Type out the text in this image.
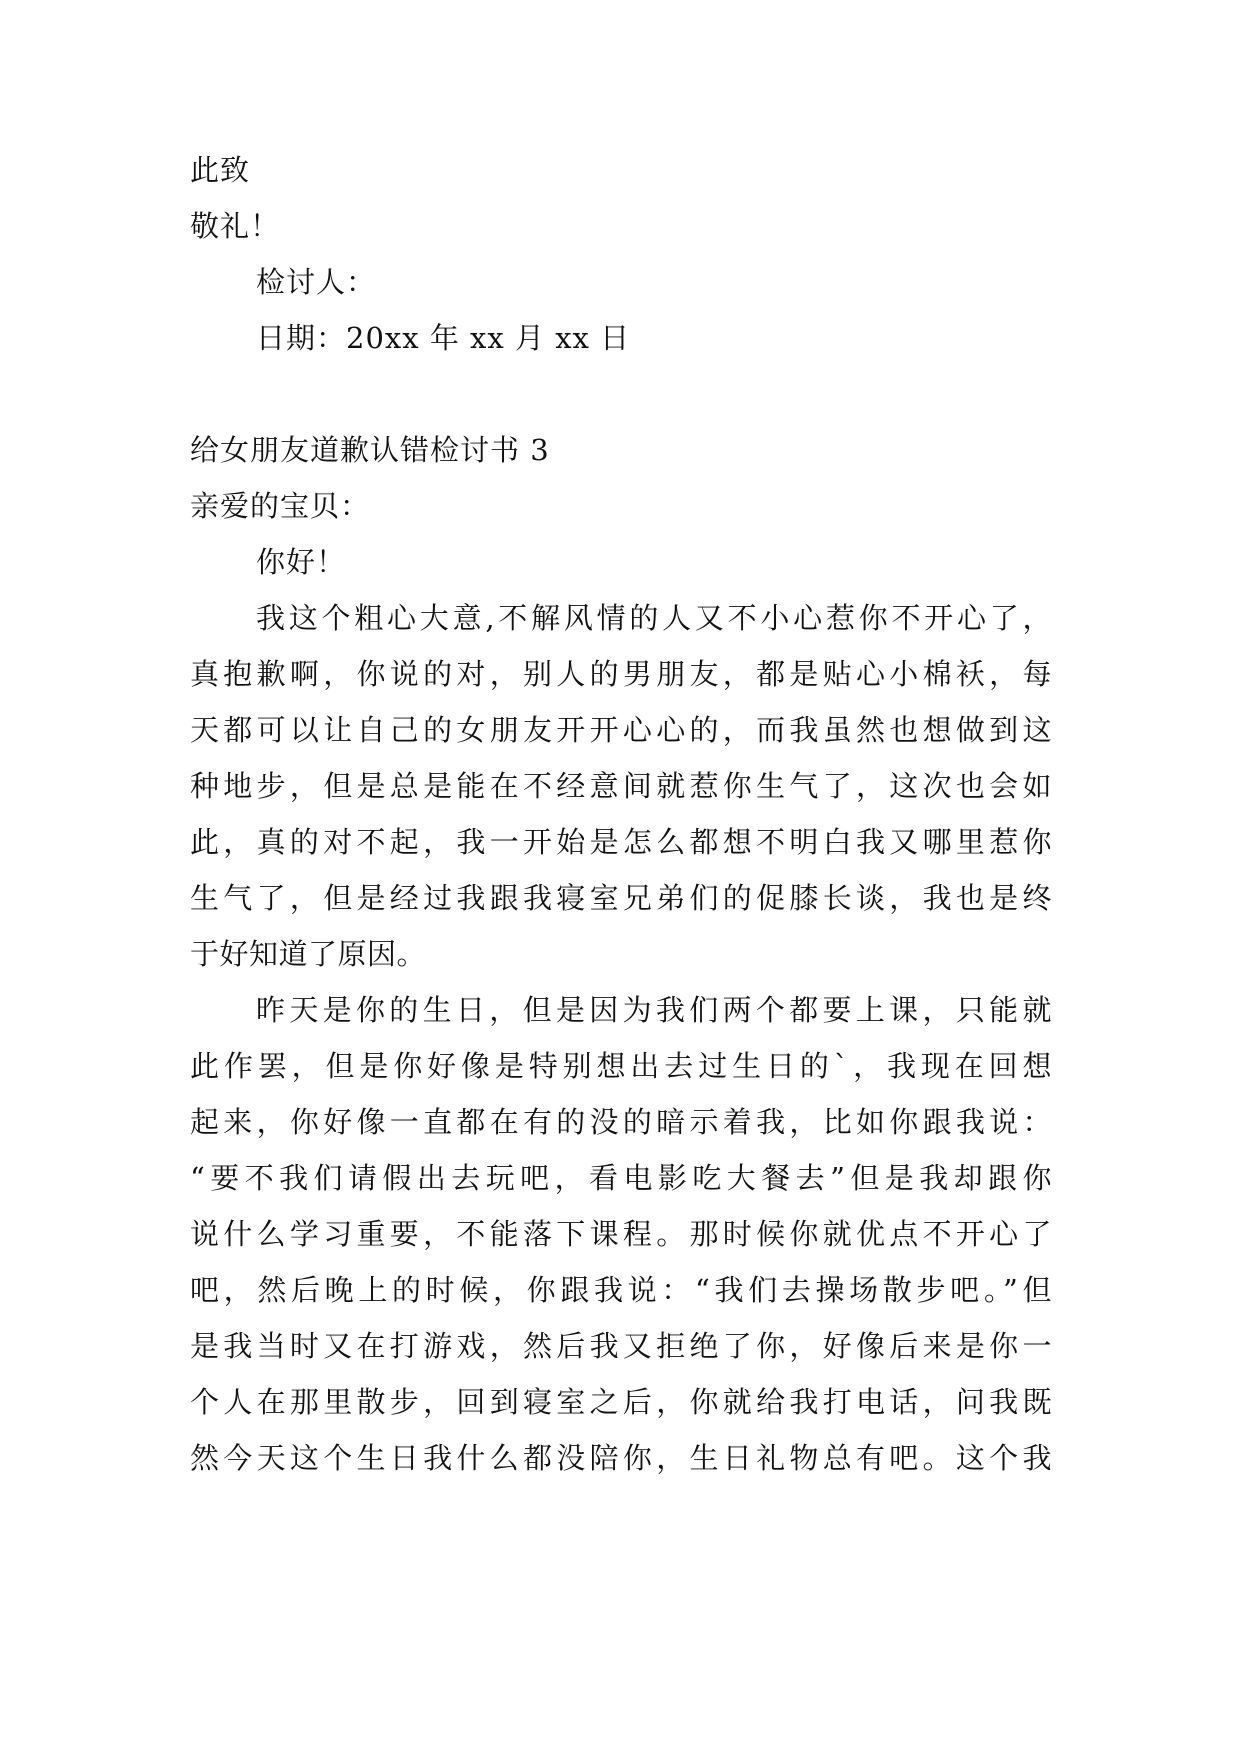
此致
敬礼！
检讨人：
日期：20xx 年 xx 月 xx 日
给女朋友道歉认错检讨书 3
亲爱的宝贝：
你好！
我这个粗心大意,不解风情的人又不小心惹你不开心了，
真抱歉啊，你说的对，别人的男朋友，都是贴心小棉袄，每
天都可以让自己的女朋友开开心心的，而我虽然也想做到这
种地步，但是总是能在不经意间就惹你生气了，这次也会如
此，真的对不起，我一开始是怎么都想不明白我又哪里惹你
生气了，但是经过我跟我寝室兄弟们的促膝长谈，我也是终
于好知道了原因。
昨天是你的生日，但是因为我们两个都要上课，只能就
此作罢，但是你好像是特别想出去过生日的`，我现在回想
起来，你好像一直都在有的没的暗示着我，比如你跟我说：
“要不我们请假出去玩吧，看电影吃大餐去”但是我却跟你
说什么学习重要，不能落下课程。那时候你就优点不开心了
吧，然后晚上的时候，你跟我说：“我们去操场散步吧。”但
是我当时又在打游戏，然后我又拒绝了你，好像后来是你一
个人在那里散步，回到寝室之后，你就给我打电话，问我既
然今天这个生日我什么都没陪你，生日礼物总有吧。这个我
